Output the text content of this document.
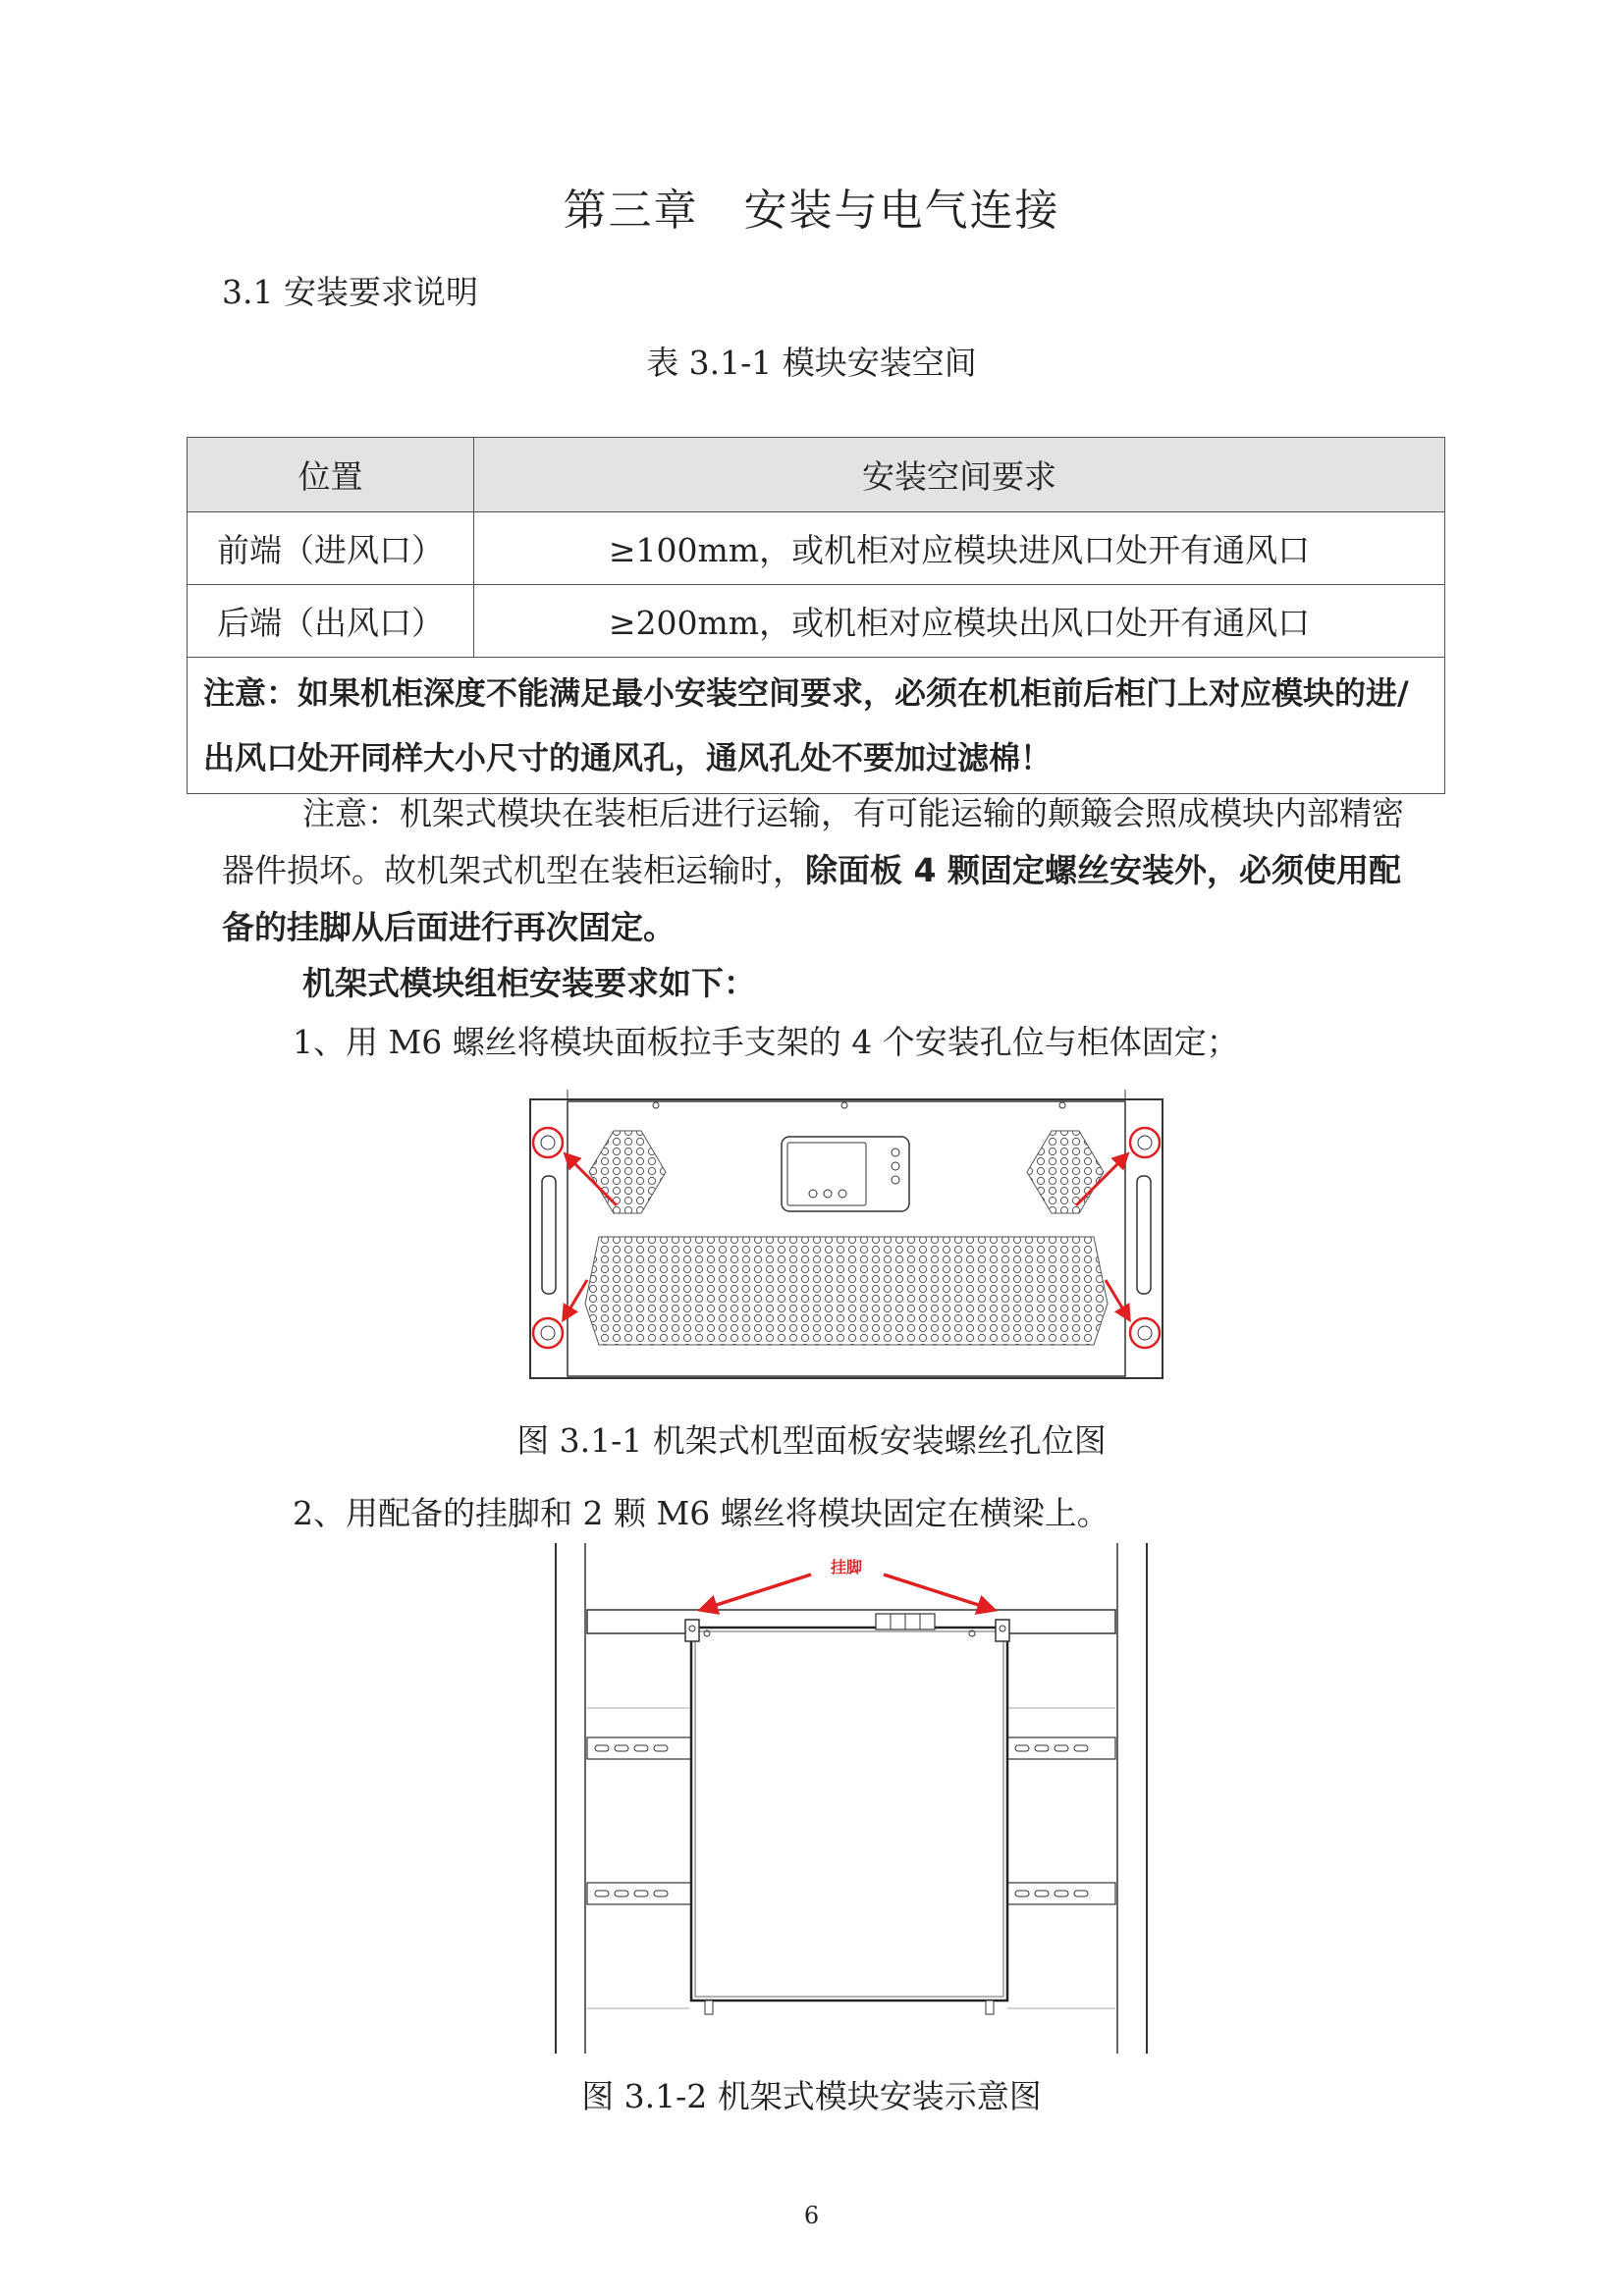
第三章　安装与电气连接
3.1 安装要求说明
表 3.1-1 模块安装空间
位置	安装空间要求
前端（进风口）	≥100mm，或机柜对应模块进风口处开有通风口
后端（出风口）	≥200mm，或机柜对应模块出风口处开有通风口
注意：如果机柜深度不能满足最小安装空间要求，必须在机柜前后柜门上对应模块的进/出风口处开同样大小尺寸的通风孔，通风孔处不要加过滤棉！	
注意：机架式模块在装柜后进行运输，有可能运输的颠簸会照成模块内部精密器件损坏。故机架式机型在装柜运输时，除面板 4 颗固定螺丝安装外，必须使用配备的挂脚从后面进行再次固定。
机架式模块组柜安装要求如下：
1、用 M6 螺丝将模块面板拉手支架的 4 个安装孔位与柜体固定；
图 3.1-1 机架式机型面板安装螺丝孔位图
2、用配备的挂脚和 2 颗 M6 螺丝将模块固定在横梁上。
挂脚
图 3.1-2 机架式模块安装示意图
6
